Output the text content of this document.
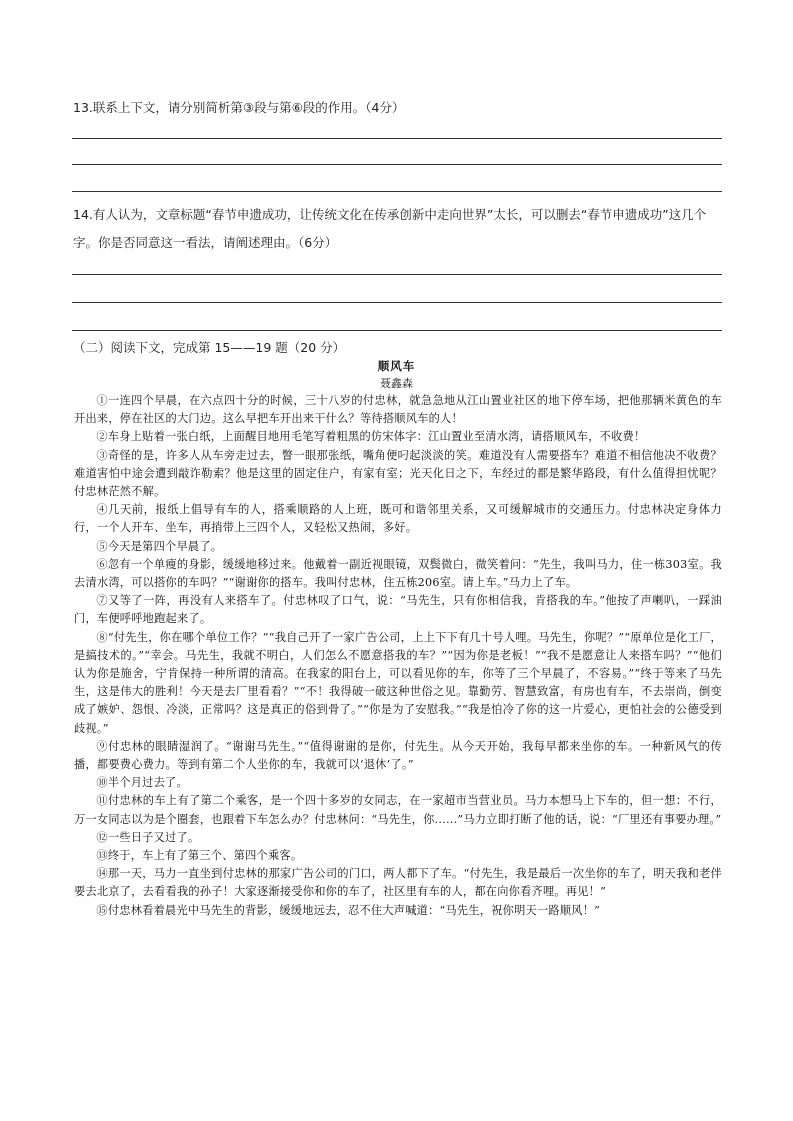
13.联系上下文，请分别简析第③段与第⑥段的作用。（4分）
14.有人认为，文章标题“春节申遗成功，让传统文化在传承创新中走向世界”太长，可以删去“春节申遗成功”这几个字。你是否同意这一看法，请阐述理由。（6分）
（二）阅读下文，完成第 15——19 题（20 分）
顺风车
聂鑫森

①一连四个早晨，在六点四十分的时候，三十八岁的付忠林，就急急地从江山置业社区的地下停车场，把他那辆米黄色的车开出来，停在社区的大门边。这么早把车开出来干什么？等待搭顺风车的人！

②车身上贴着一张白纸，上面醒目地用毛笔写着粗黑的仿宋体字：江山置业至清水湾，请搭顺风车，不收费！

③奇怪的是，许多人从车旁走过去，瞥一眼那张纸，嘴角便叼起淡淡的笑。难道没有人需要搭车？难道不相信他决不收费？难道害怕中途会遭到敲诈勒索？他是这里的固定住户，有家有室；光天化日之下，车经过的都是繁华路段，有什么值得担忧呢？付忠林茫然不解。

④几天前，报纸上倡导有车的人，搭乘顺路的人上班，既可和谐邻里关系，又可缓解城市的交通压力。付忠林决定身体力行，一个人开车、坐车，再捎带上三四个人，又轻松又热闹，多好。

⑤今天是第四个早晨了。

⑥忽有一个单瘦的身影，缓缓地移过来。他戴着一副近视眼镜，双鬓微白，微笑着问：“先生，我叫马力，住一栋303室。我去清水湾，可以搭你的车吗？”“谢谢你的搭车。我叫付忠林，住五栋206室。请上车。”马力上了车。

⑦又等了一阵，再没有人来搭车了。付忠林叹了口气，说：“马先生，只有你相信我，肯搭我的车。”他按了声喇叭，一踩油门，车便呼呼地跑起来了。

⑧“付先生，你在哪个单位工作？”“我自己开了一家广告公司，上上下下有几十号人哩。马先生，你呢？”“原单位是化工厂，是搞技术的。”“幸会。马先生，我就不明白，人们怎么不愿意搭我的车？”“因为你是老板！”“我不是愿意让人来搭车吗？”“他们认为你是施舍，宁肯保持一种所谓的清高。在我家的阳台上，可以看见你的车，你等了三个早晨了，不容易。”“终于等来了马先生，这是伟大的胜利！今天是去厂里看看？”“不！我得破一破这种世俗之见。靠勤劳、智慧致富，有房也有车，不去崇尚，倒变成了嫉妒、怨恨、冷淡，正常吗？这是真正的俗到骨了。”“你是为了安慰我。”“我是怕冷了你的这一片爱心，更怕社会的公德受到歧视。”

⑨付忠林的眼睛湿润了。“谢谢马先生。”“值得谢谢的是你，付先生。从今天开始，我每早都来坐你的车。一种新风气的传播，都要费心费力。等到有第二个人坐你的车，我就可以‘退休’了。”

⑩半个月过去了。

⑪付忠林的车上有了第二个乘客，是一个四十多岁的女同志，在一家超市当营业员。马力本想马上下车的，但一想：不行，万一女同志以为是个圈套，也跟着下车怎么办？付忠林问：“马先生，你......”马力立即打断了他的话，说：“厂里还有事要办理。”

⑫一些日子又过了。

⑬终于，车上有了第三个、第四个乘客。

⑭那一天，马力一直坐到付忠林的那家广告公司的门口，两人都下了车。“付先生，我是最后一次坐你的车了，明天我和老伴要去北京了，去看看我的孙子！大家逐渐接受你和你的车了，社区里有车的人，都在向你看齐哩。再见！”

⑮付忠林看着晨光中马先生的背影，缓缓地远去，忍不住大声喊道：“马先生，祝你明天一路顺风！”
